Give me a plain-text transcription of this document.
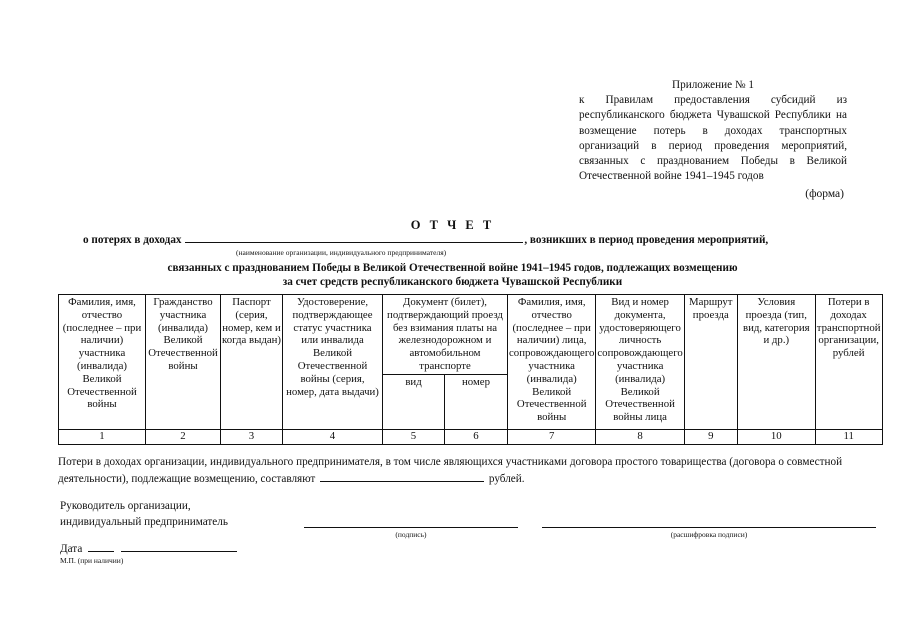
Приложение № 1
к Правилам предоставления субсидий из республиканского бюджета Чувашской Республики на возмещение потерь в доходах транспортных организаций в период проведения мероприятий, связанных с празднованием Победы в Великой Отечественной войне 1941–1945 годов
(форма)
О Т Ч Е Т
о потерях в доходах	, возникших в период проведения мероприятий,
(наименование организации, индивидуального предпринимателя)
связанных с празднованием Победы в Великой Отечественной войне 1941–1945 годов, подлежащих возмещению
за счет средств республиканского бюджета Чувашской Республики
Фамилия, имя, отчество (последнее – при наличии) участника (инвалида) Великой Отечественной войны	Гражданство участника (инвалида) Великой Отечественной войны	Паспорт (серия, номер, кем и когда выдан)	Удостоверение, подтверждающее статус участника или инвалида Великой Отечественной войны (серия, номер, дата выдачи)	Документ (билет), подтверждающий проезд без взимания платы на железнодорожном и автомобильном транспорте		Фамилия, имя, отчество (последнее – при наличии) лица, сопровождающего участника (инвалида) Великой Отечественной войны	Вид и номер документа, удостоверяющего личность сопровождающего участника (инвалида) Великой Отечественной войны лица	Маршрут проезда	Условия проезда (тип, вид, категория и др.)	Потери в доходах транспортной организации, рублей
				вид	номер					
1	2	3	4	5	6	7	8	9	10	11
Потери в доходах организации, индивидуального предпринимателя, в том числе являющихся участниками договора простого товарищества (договора о совместной деятельности), подлежащие возмещению, составляют	рублей.
Руководитель организации,
индивидуальный предприниматель
(подпись)	(расшифровка подписи)
Дата
М.П. (при наличии)
